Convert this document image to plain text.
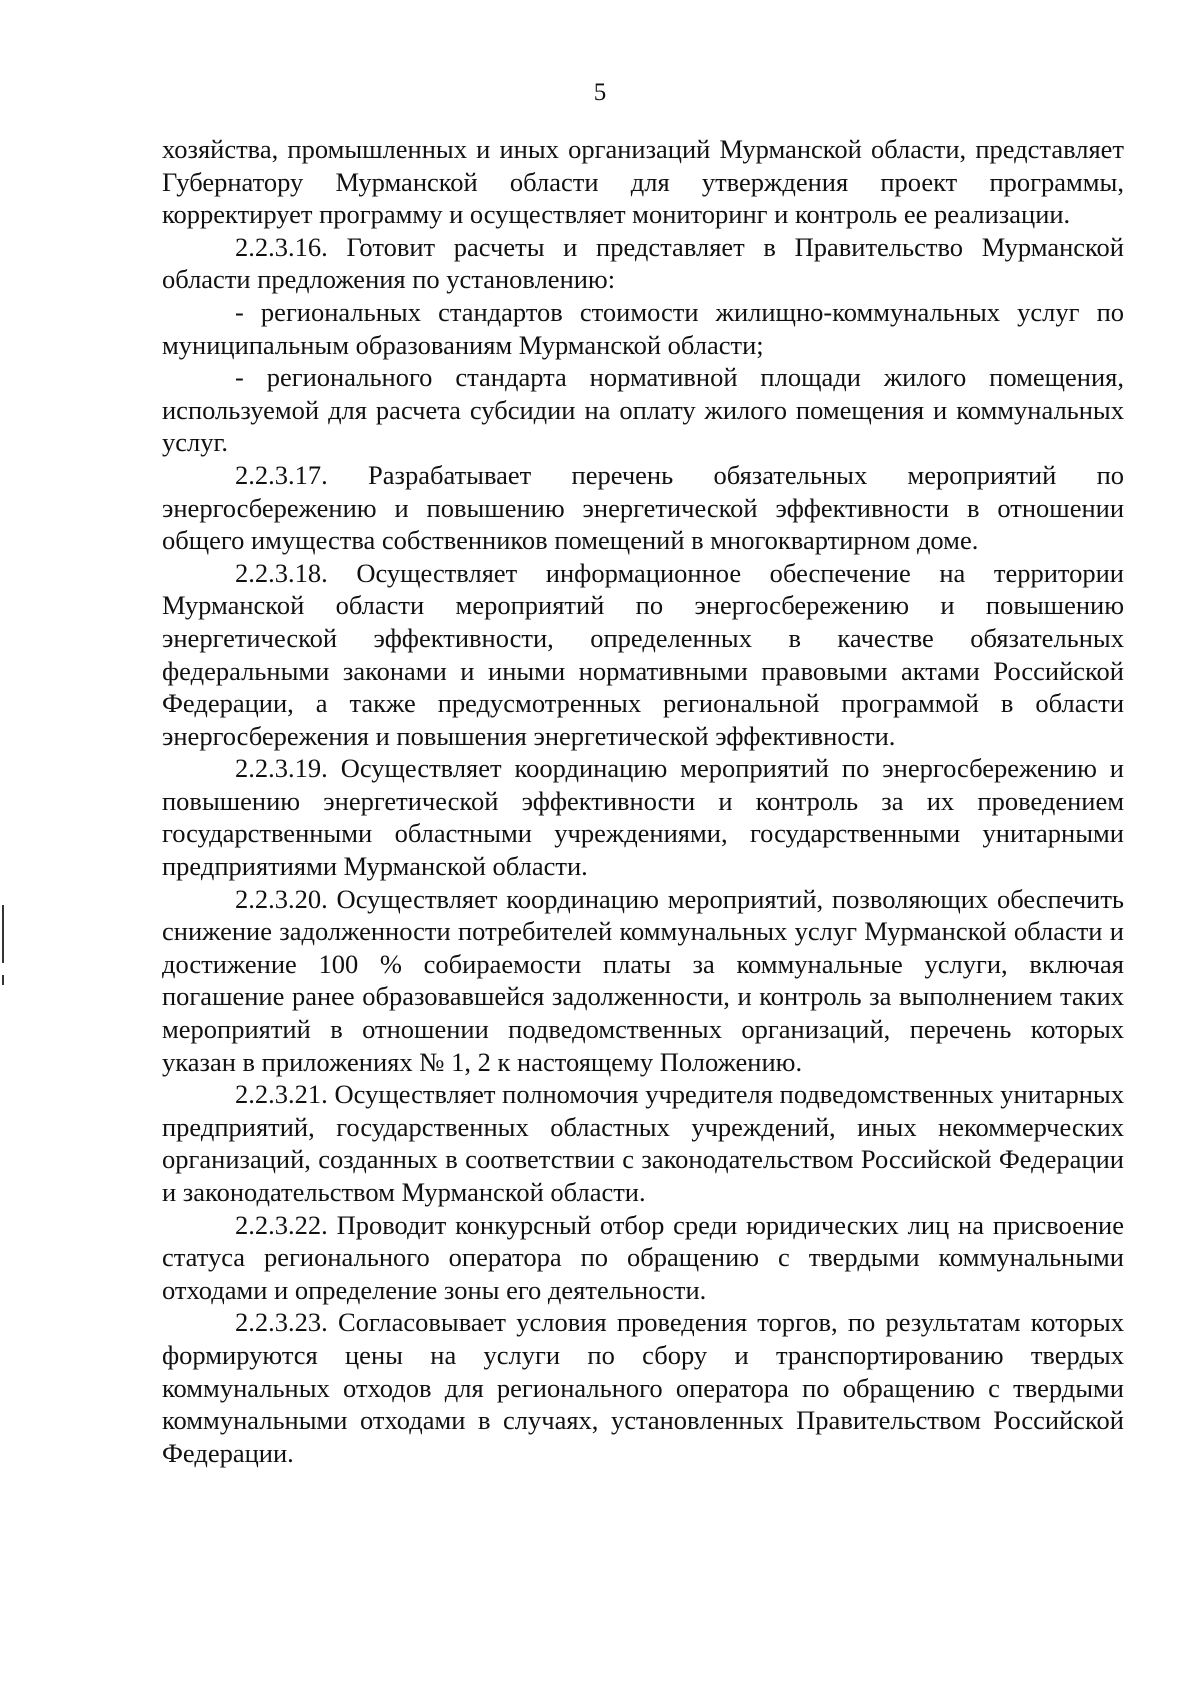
5

хозяйства, промышленных и иных организаций Мурманской области, представляет Губернатору Мурманской области для утверждения проект программы, корректирует программу и осуществляет мониторинг и контроль ее реализации.

2.2.3.16. Готовит расчеты и представляет в Правительство Мурманской области предложения по установлению:

- региональных стандартов стоимости жилищно-коммунальных услуг по муниципальным образованиям Мурманской области;

- регионального стандарта нормативной площади жилого помещения, используемой для расчета субсидии на оплату жилого помещения и коммунальных услуг.

2.2.3.17. Разрабатывает перечень обязательных мероприятий по энергосбережению и повышению энергетической эффективности в отношении общего имущества собственников помещений в многоквартирном доме.

2.2.3.18. Осуществляет информационное обеспечение на территории Мурманской области мероприятий по энергосбережению и повышению энергетической эффективности, определенных в качестве обязательных федеральными законами и иными нормативными правовыми актами Российской Федерации, а также предусмотренных региональной программой в области энергосбережения и повышения энергетической эффективности.

2.2.3.19. Осуществляет координацию мероприятий по энергосбережению и повышению энергетической эффективности и контроль за их проведением государственными областными учреждениями, государственными унитарными предприятиями Мурманской области.

2.2.3.20. Осуществляет координацию мероприятий, позволяющих обеспечить снижение задолженности потребителей коммунальных услуг Мурманской области и достижение 100 % собираемости платы за коммунальные услуги, включая погашение ранее образовавшейся задолженности, и контроль за выполнением таких мероприятий в отношении подведомственных организаций, перечень которых указан в приложениях № 1, 2 к настоящему Положению.

2.2.3.21. Осуществляет полномочия учредителя подведомственных унитарных предприятий, государственных областных учреждений, иных некоммерческих организаций, созданных в соответствии с законодательством Российской Федерации и законодательством Мурманской области.

2.2.3.22. Проводит конкурсный отбор среди юридических лиц на присвоение статуса регионального оператора по обращению с твердыми коммунальными отходами и определение зоны его деятельности.

2.2.3.23. Согласовывает условия проведения торгов, по результатам которых формируются цены на услуги по сбору и транспортированию твердых коммунальных отходов для регионального оператора по обращению с твердыми коммунальными отходами в случаях, установленных Правительством Российской Федерации.
